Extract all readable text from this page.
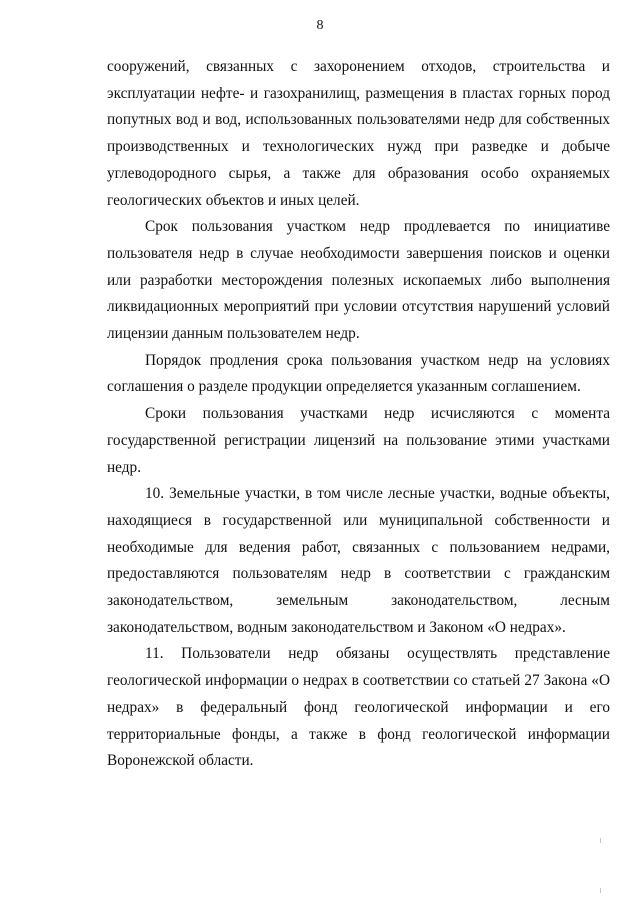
8

сооружений, связанных с захоронением отходов, строительства и эксплуатации нефте- и газохранилищ, размещения в пластах горных пород попутных вод и вод, использованных пользователями недр для собственных производственных и технологических нужд при разведке и добыче углеводородного сырья, а также для образования особо охраняемых геологических объектов и иных целей.

Срок пользования участком недр продлевается по инициативе пользователя недр в случае необходимости завершения поисков и оценки или разработки месторождения полезных ископаемых либо выполнения ликвидационных мероприятий при условии отсутствия нарушений условий лицензии данным пользователем недр.

Порядок продления срока пользования участком недр на условиях соглашения о разделе продукции определяется указанным соглашением.

Сроки пользования участками недр исчисляются с момента государственной регистрации лицензий на пользование этими участками недр.

10. Земельные участки, в том числе лесные участки, водные объекты, находящиеся в государственной или муниципальной собственности и необходимые для ведения работ, связанных с пользованием недрами, предоставляются пользователям недр в соответствии с гражданским законодательством, земельным законодательством, лесным законодательством, водным законодательством и Законом «О недрах».

11. Пользователи недр обязаны осуществлять представление геологической информации о недрах в соответствии со статьей 27 Закона «О недрах» в федеральный фонд геологической информации и его территориальные фонды, а также в фонд геологической информации Воронежской области.
